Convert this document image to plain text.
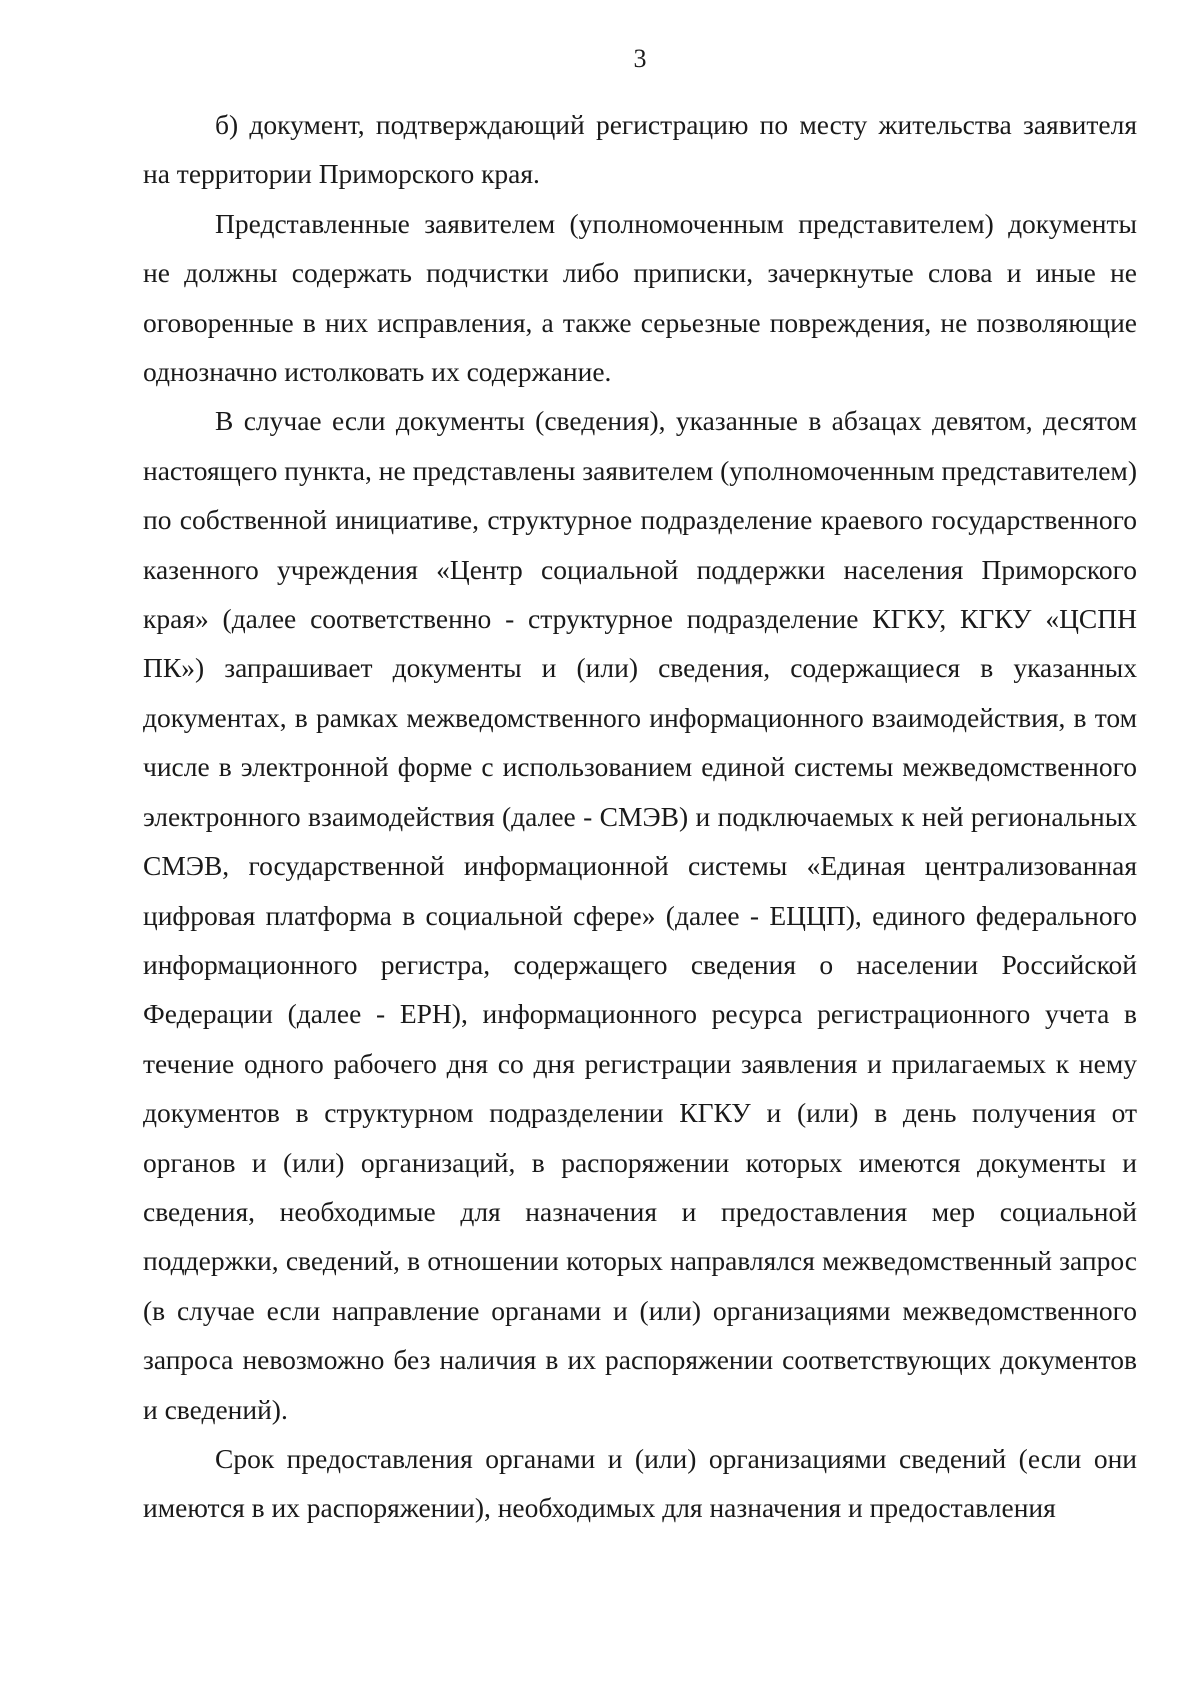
3

б) документ, подтверждающий регистрацию по месту жительства заявителя на территории Приморского края.

Представленные заявителем (уполномоченным представителем) документы не должны содержать подчистки либо приписки, зачеркнутые слова и иные не оговоренные в них исправления, а также серьезные повреждения, не позволяющие однозначно истолковать их содержание.

В случае если документы (сведения), указанные в абзацах девятом, десятом настоящего пункта, не представлены заявителем (уполномоченным представителем) по собственной инициативе, структурное подразделение краевого государственного казенного учреждения «Центр социальной поддержки населения Приморского края» (далее соответственно - структурное подразделение КГКУ, КГКУ «ЦСПН ПК») запрашивает документы и (или) сведения, содержащиеся в указанных документах, в рамках межведомственного информационного взаимодействия, в том числе в электронной форме с использованием единой системы межведомственного электронного взаимодействия (далее - СМЭВ) и подключаемых к ней региональных СМЭВ, государственной информационной системы «Единая централизованная цифровая платформа в социальной сфере» (далее - ЕЦЦП), единого федерального информационного регистра, содержащего сведения о населении Российской Федерации (далее - ЕРН), информационного ресурса регистрационного учета в течение одного рабочего дня со дня регистрации заявления и прилагаемых к нему документов в структурном подразделении КГКУ и (или) в день получения от органов и (или) организаций, в распоряжении которых имеются документы и сведения, необходимые для назначения и предоставления мер социальной поддержки, сведений, в отношении которых направлялся межведомственный запрос (в случае если направление органами и (или) организациями межведомственного запроса невозможно без наличия в их распоряжении соответствующих документов и сведений).

Срок предоставления органами и (или) организациями сведений (если они имеются в их распоряжении), необходимых для назначения и предоставления
